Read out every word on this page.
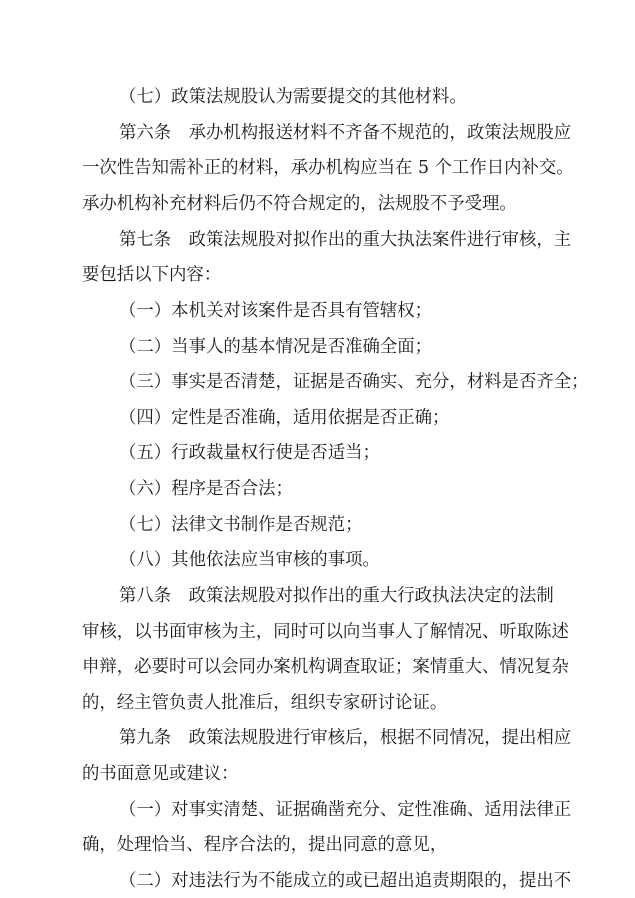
（七）政策法规股认为需要提交的其他材料。
第六条　承办机构报送材料不齐备不规范的，政策法规股应
一次性告知需补正的材料，承办机构应当在 5 个工作日内补交。
承办机构补充材料后仍不符合规定的，法规股不予受理。
第七条　政策法规股对拟作出的重大执法案件进行审核，主
要包括以下内容：
（一）本机关对该案件是否具有管辖权；
（二）当事人的基本情况是否准确全面；
（三）事实是否清楚，证据是否确实、充分，材料是否齐全；
（四）定性是否准确，适用依据是否正确；
（五）行政裁量权行使是否适当；
（六）程序是否合法；
（七）法律文书制作是否规范；
（八）其他依法应当审核的事项。
第八条　政策法规股对拟作出的重大行政执法决定的法制
审核，以书面审核为主，同时可以向当事人了解情况、听取陈述
申辩，必要时可以会同办案机构调查取证；案情重大、情况复杂
的，经主管负责人批准后，组织专家研讨论证。
第九条　政策法规股进行审核后，根据不同情况，提出相应
的书面意见或建议：
（一）对事实清楚、证据确凿充分、定性准确、适用法律正
确，处理恰当、程序合法的，提出同意的意见，
（二）对违法行为不能成立的或已超出追责期限的，提出不
